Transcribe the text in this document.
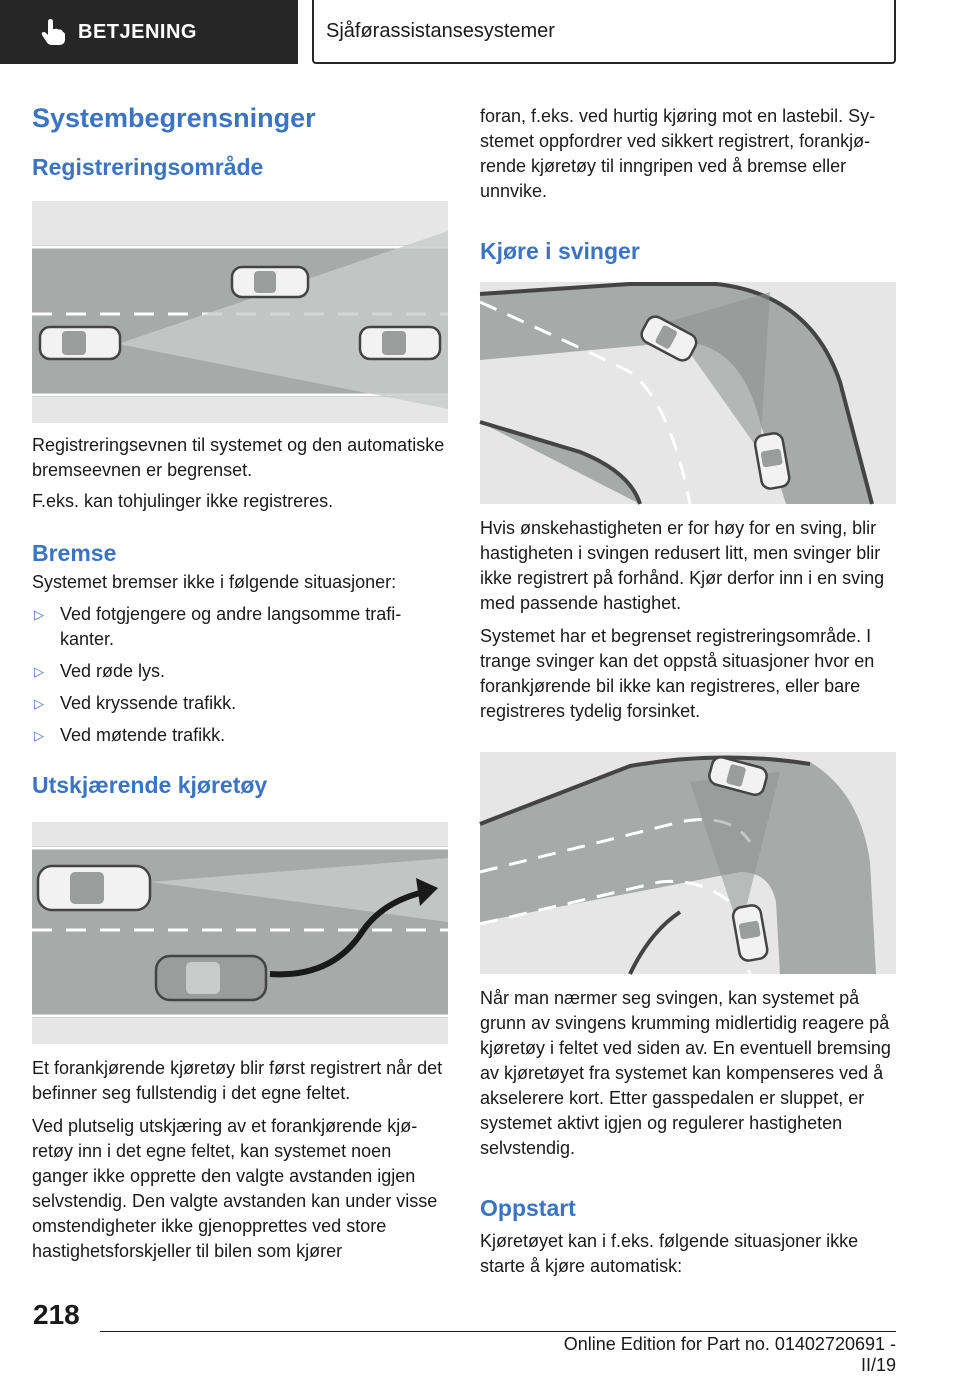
BETJENING	Sjåførassistansesystemer
Systembegrensninger
Registreringsområde

Registreringsevnen til systemet og den automatiske bremseevnen er begrenset.

F.eks. kan tohjulinger ikke registreres.

Bremse

Systemet bremser ikke i følgende situasjoner:

▷ Ved fotgjengere og andre langsomme trafikanter.
▷ Ved røde lys.
▷ Ved kryssende trafikk.
▷ Ved møtende trafikk.
Utskjærende kjøretøy

Et forankjørende kjøretøy blir først registrert når det befinner seg fullstendig i det egne feltet.

Ved plutselig utskjæring av et forankjørende kjøretøy inn i det egne feltet, kan systemet noen ganger ikke opprette den valgte avstanden igjen selvstendig. Den valgte avstanden kan under visse omstendigheter ikke gjenopprettes ved store hastighetsforskjeller til bilen som kjører

foran, f.eks. ved hurtig kjøring mot en lastebil. Systemet oppfordrer ved sikkert registrert, forankjørende kjøretøy til inngripen ved å bremse eller unnvike.

Kjøre i svinger

Hvis ønskehastigheten er for høy for en sving, blir hastigheten i svingen redusert litt, men svinger blir ikke registrert på forhånd. Kjør derfor inn i en sving med passende hastighet.

Systemet har et begrenset registreringsområde. I trange svinger kan det oppstå situasjoner hvor en forankjørende bil ikke kan registreres, eller bare registreres tydelig forsinket.

Når man nærmer seg svingen, kan systemet på grunn av svingens krumming midlertidig reagere på kjøretøy i feltet ved siden av. En eventuell bremsing av kjøretøyet fra systemet kan kompenseres ved å akselerere kort. Etter gasspedalen er sluppet, er systemet aktivt igjen og regulerer hastigheten selvstendig.

Oppstart

Kjøretøyet kan i f.eks. følgende situasjoner ikke starte å kjøre automatisk:

218
Online Edition for Part no. 01402720691 - II/19
